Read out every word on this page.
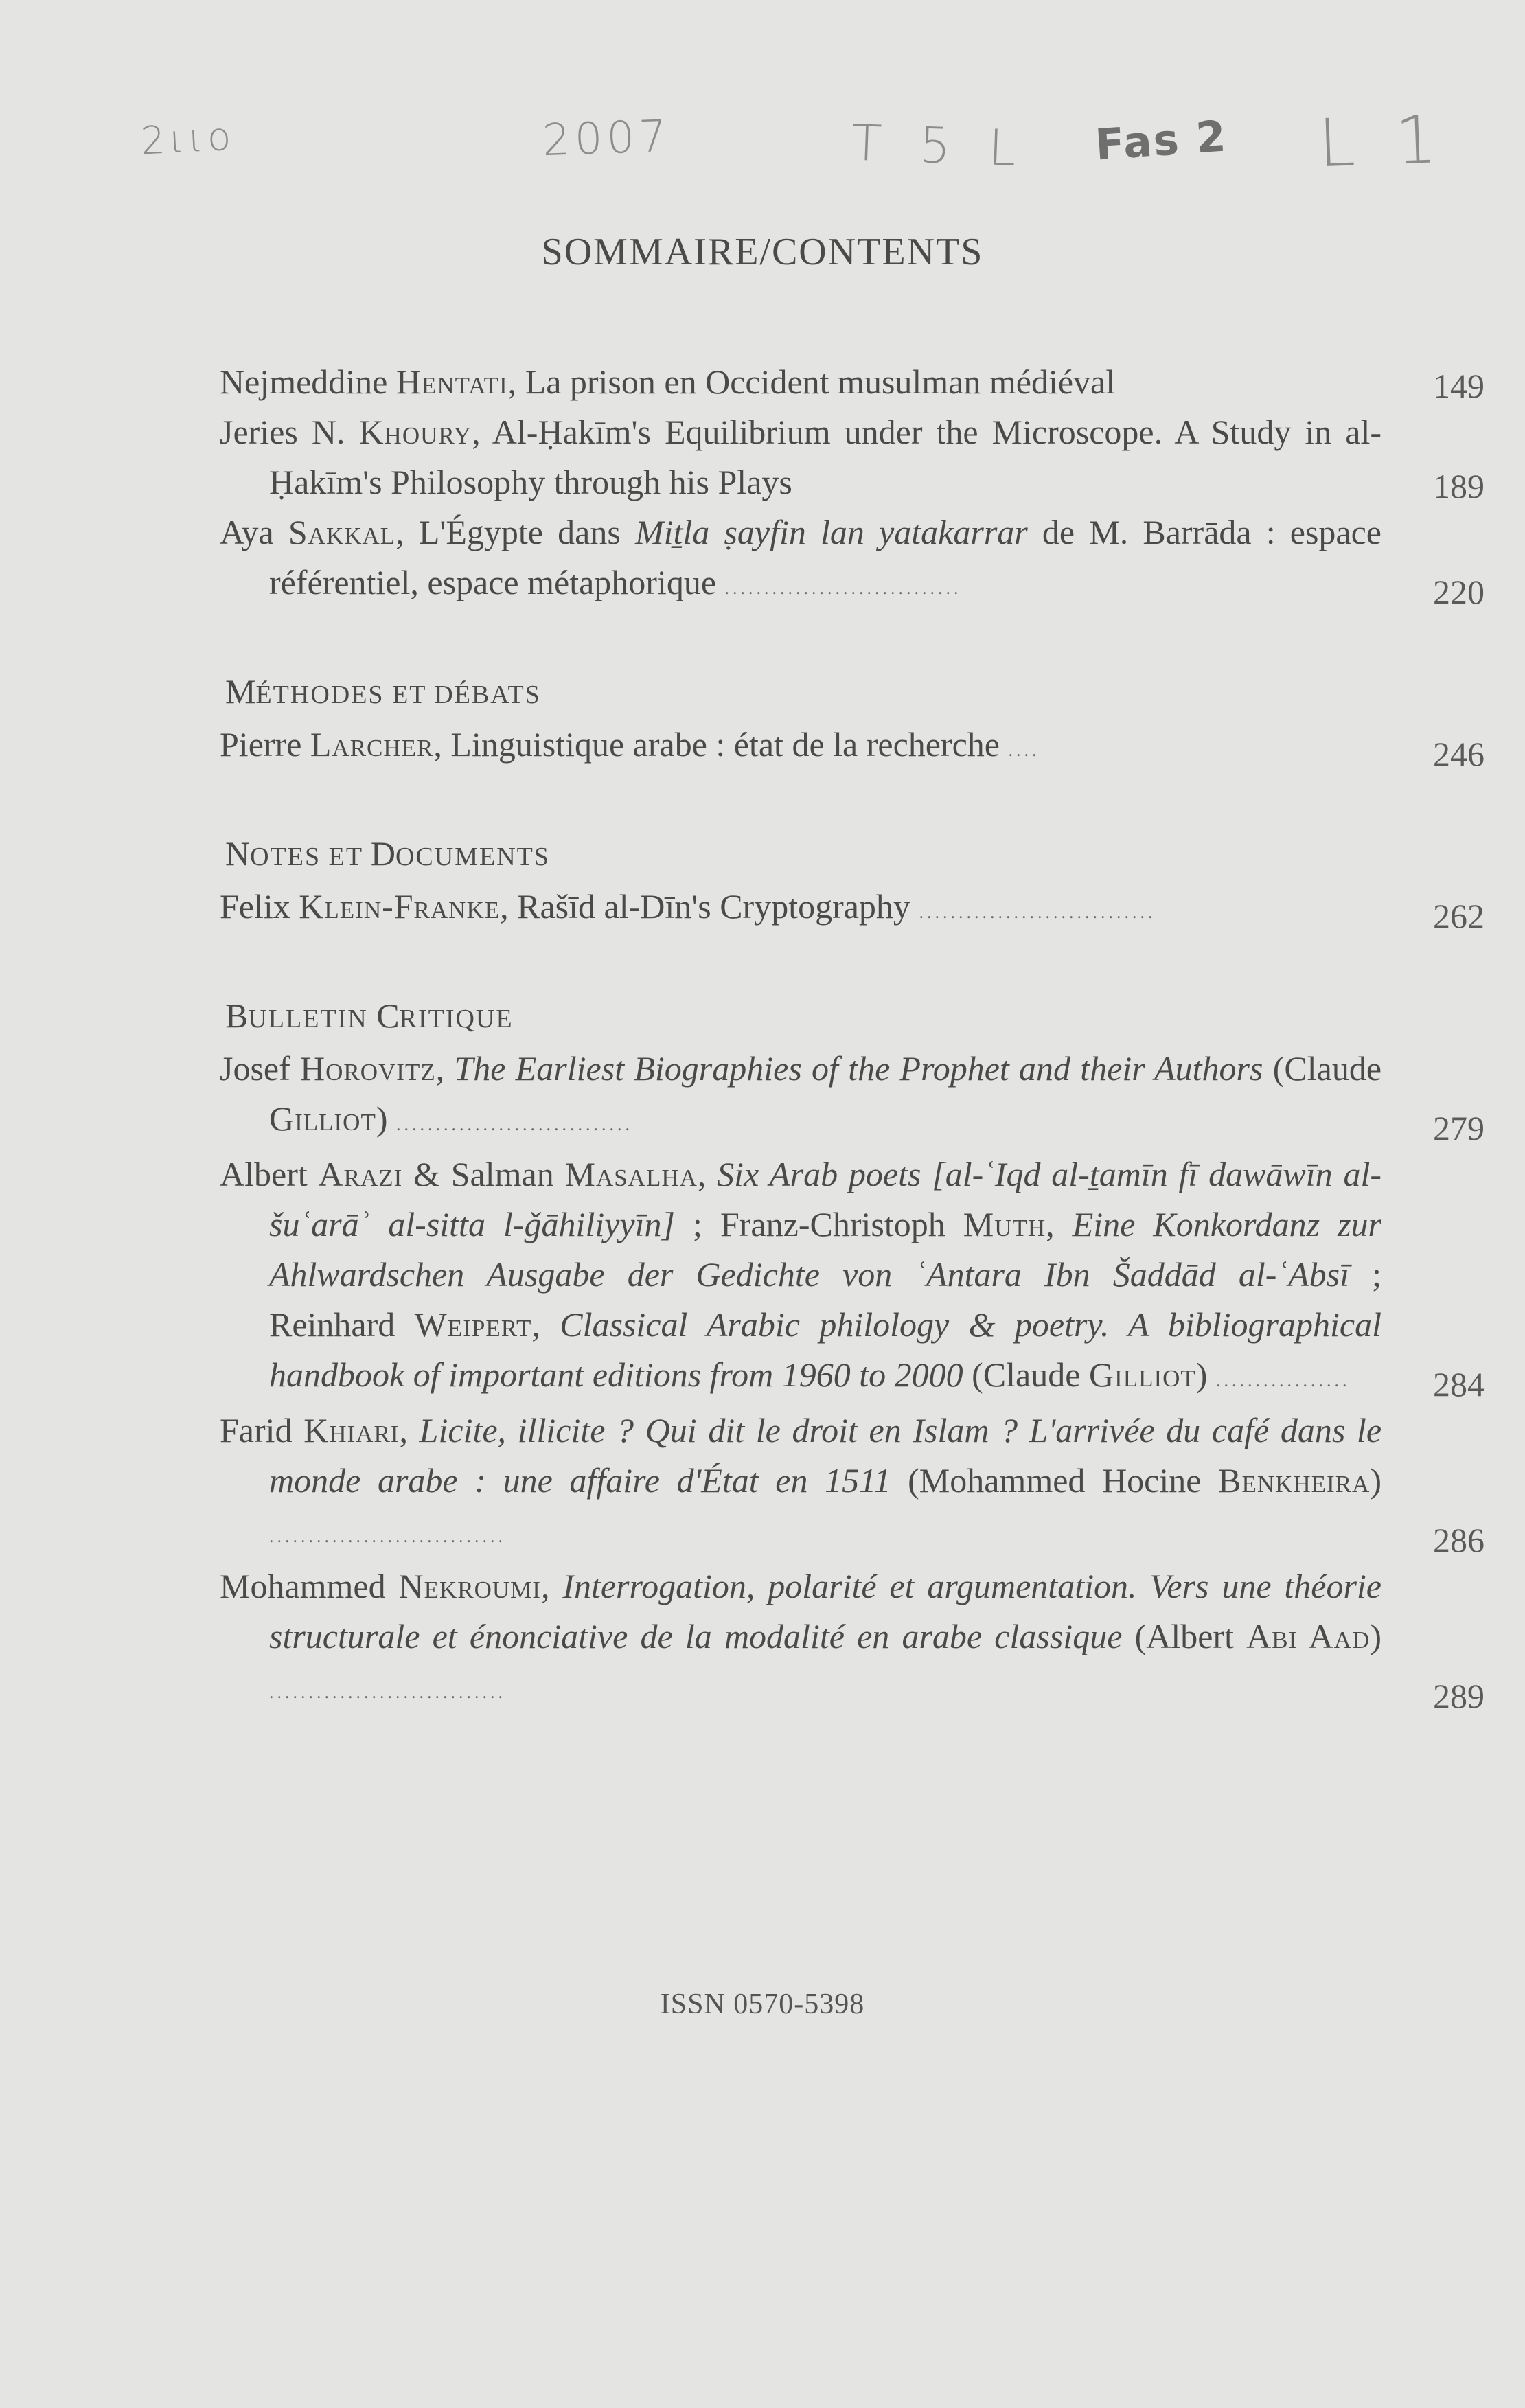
2ɩɩo	2007	T 5 L Fas 2 L 1
SOMMAIRE/CONTENTS
Nejmeddine Hentati, La prison en Occident musulman médiéval	149
Jeries N. Khoury, Al-Ḥakīm's Equilibrium under the Microscope. A Study in al-Ḥakīm's Philosophy through his Plays	189
Aya Sakkal, L'Égypte dans Miṯla ṣayfin lan yatakarrar de M. Barrāda : espace référentiel, espace métaphorique ..............................	220
MÉTHODES ET DÉBATS
Pierre Larcher, Linguistique arabe : état de la recherche ....	246
NOTES ET DOCUMENTS
Felix Klein-Franke, Rašīd al-Dīn's Cryptography ..............................	262
BULLETIN CRITIQUE
Josef Horovitz, The Earliest Biographies of the Prophet and their Authors (Claude Gilliot) ..............................	279
Albert Arazi & Salman Masalha, Six Arab poets [al-ʿIqd al-ṯamīn fī dawāwīn al-šuʿarāʾ al-sitta l-ǧāhiliyyīn] ; Franz-Christoph Muth, Eine Konkordanz zur Ahlwardschen Ausgabe der Gedichte von ʿAntara Ibn Šaddād al-ʿAbsī ; Reinhard Weipert, Classical Arabic philology & poetry. A bibliographical handbook of important editions from 1960 to 2000 (Claude Gilliot) ................. 284
Farid Khiari, Licite, illicite ? Qui dit le droit en Islam ? L'arrivée du café dans le monde arabe : une affaire d'État en 1511 (Mohammed Hocine Benkheira) ..............................	286
Mohammed Nekroumi, Interrogation, polarité et argumentation. Vers une théorie structurale et énonciative de la modalité en arabe classique (Albert Abi Aad) ..............................	289
ISSN 0570-5398
